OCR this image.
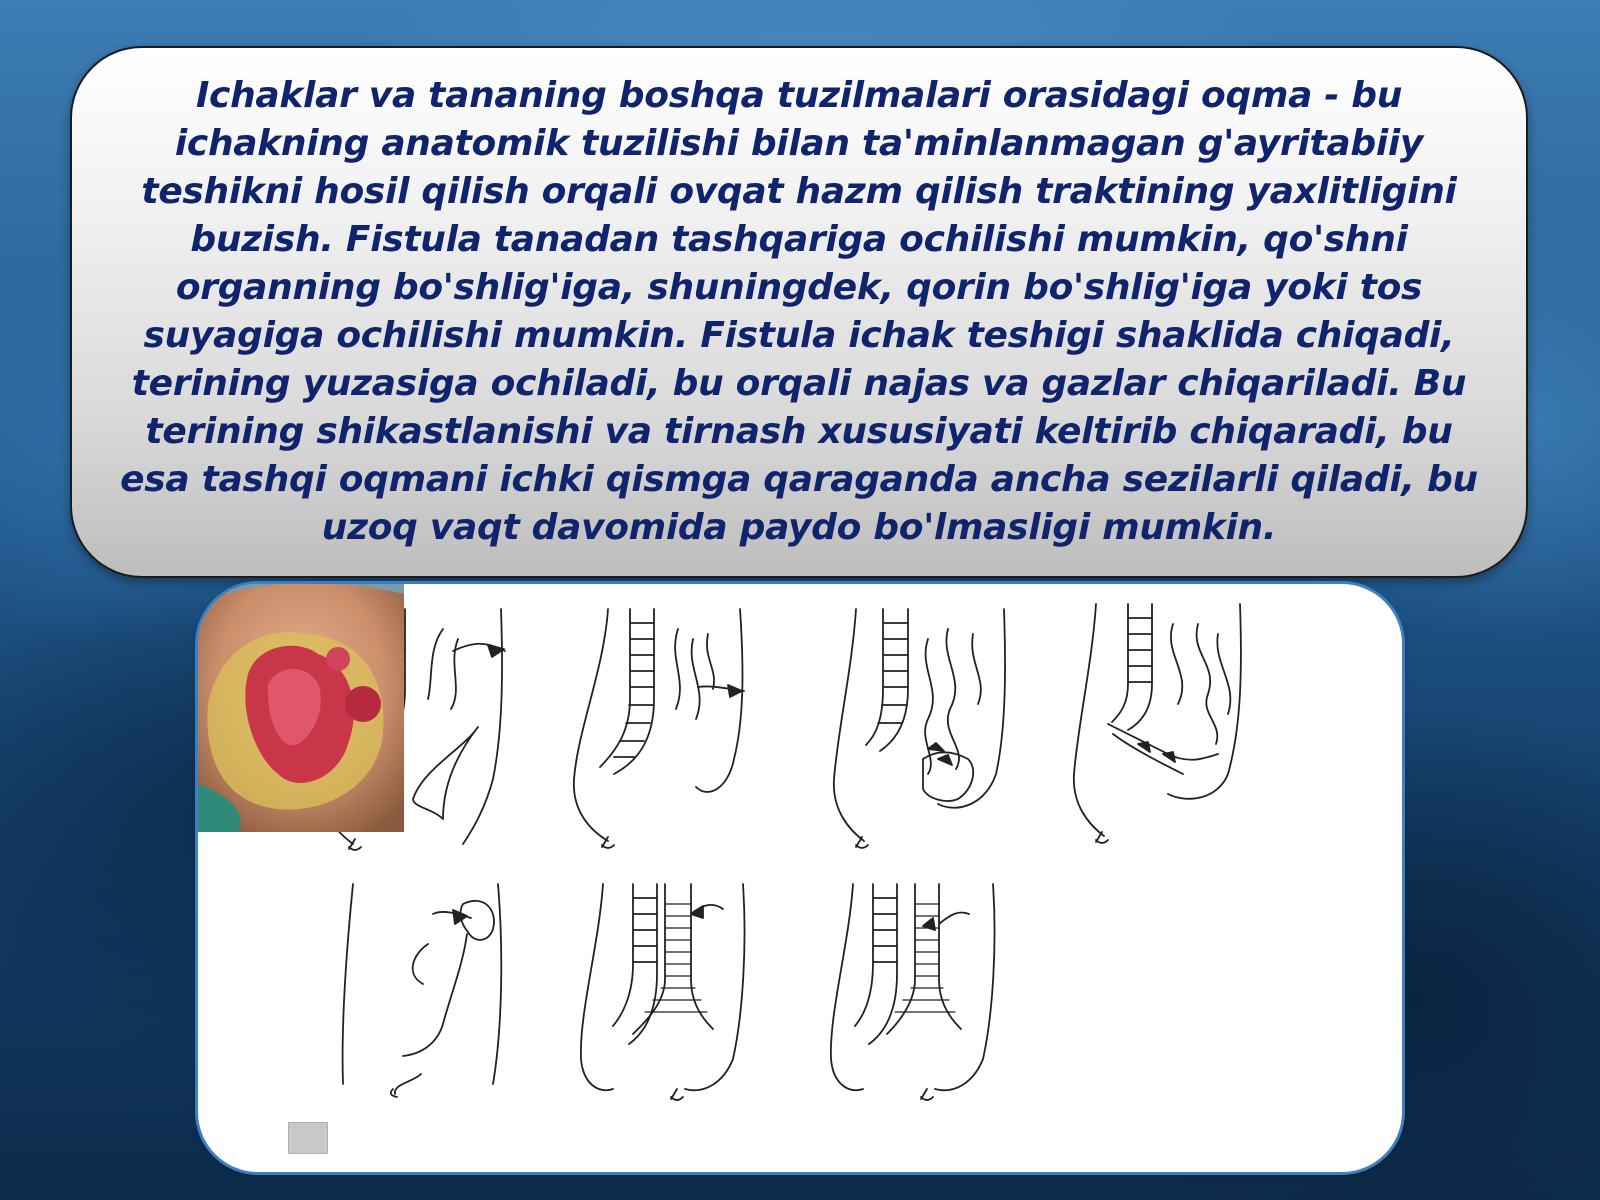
Ichaklar va tananing boshqa tuzilmalari orasidagi oqma - bu ichakning anatomik tuzilishi bilan ta'minlanmagan g'ayritabiiy teshikni hosil qilish orqali ovqat hazm qilish traktining yaxlitligini buzish. Fistula tanadan tashqariga ochilishi mumkin, qo'shni organning bo'shlig'iga, shuningdek, qorin bo'shlig'iga yoki tos suyagiga ochilishi mumkin. Fistula ichak teshigi shaklida chiqadi, terining yuzasiga ochiladi, bu orqali najas va gazlar chiqariladi. Bu terining shikastlanishi va tirnash xususiyati keltirib chiqaradi, bu esa tashqi oqmani ichki qismga qaraganda ancha sezilarli qiladi, bu uzoq vaqt davomida paydo bo'lmasligi mumkin.
